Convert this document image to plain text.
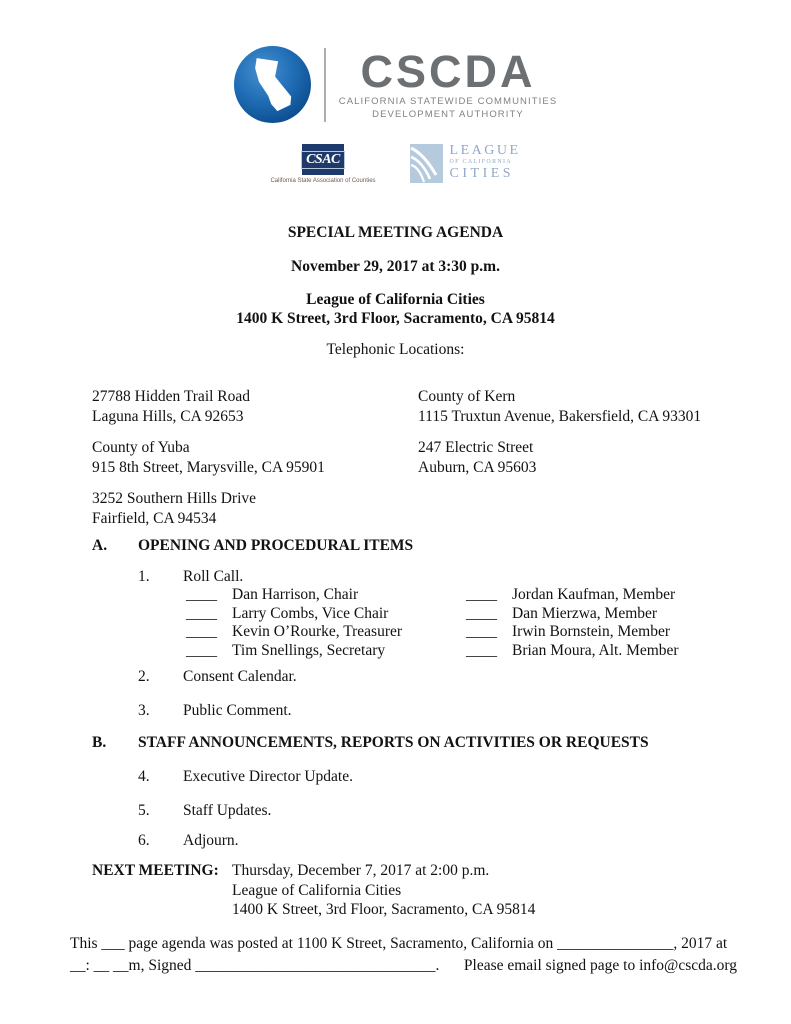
CSCDA
CALIFORNIA STATEWIDE COMMUNITIES
DEVELOPMENT AUTHORITY
CSAC
California State Association of Counties
LEAGUE
OF CALIFORNIA
CITIES
SPECIAL MEETING AGENDA
November 29, 2017 at 3:30 p.m.
League of California Cities
1400 K Street, 3rd Floor, Sacramento, CA 95814
Telephonic Locations:
27788 Hidden Trail Road
Laguna Hills, CA 92653
County of Kern
1115 Truxtun Avenue, Bakersfield, CA 93301
County of Yuba
915 8th Street, Marysville, CA 95901
247 Electric Street
Auburn, CA 95603
3252 Southern Hills Drive
Fairfield, CA 94534
A.	OPENING AND PROCEDURAL ITEMS
1.	Roll Call.
____ Dan Harrison, Chair	____ Jordan Kaufman, Member
____ Larry Combs, Vice Chair	____ Dan Mierzwa, Member
____ Kevin O’Rourke, Treasurer	____ Irwin Bornstein, Member
____ Tim Snellings, Secretary	____ Brian Moura, Alt. Member
2.	Consent Calendar.
3.	Public Comment.
B.	STAFF ANNOUNCEMENTS, REPORTS ON ACTIVITIES OR REQUESTS
4.	Executive Director Update.
5.	Staff Updates.
6.	Adjourn.
NEXT MEETING: Thursday, December 7, 2017 at 2:00 p.m.
League of California Cities
1400 K Street, 3rd Floor, Sacramento, CA 95814
This ___ page agenda was posted at 1100 K Street, Sacramento, California on _______________, 2017 at
__: __ __m, Signed _______________________________. Please email signed page to info@cscda.org
